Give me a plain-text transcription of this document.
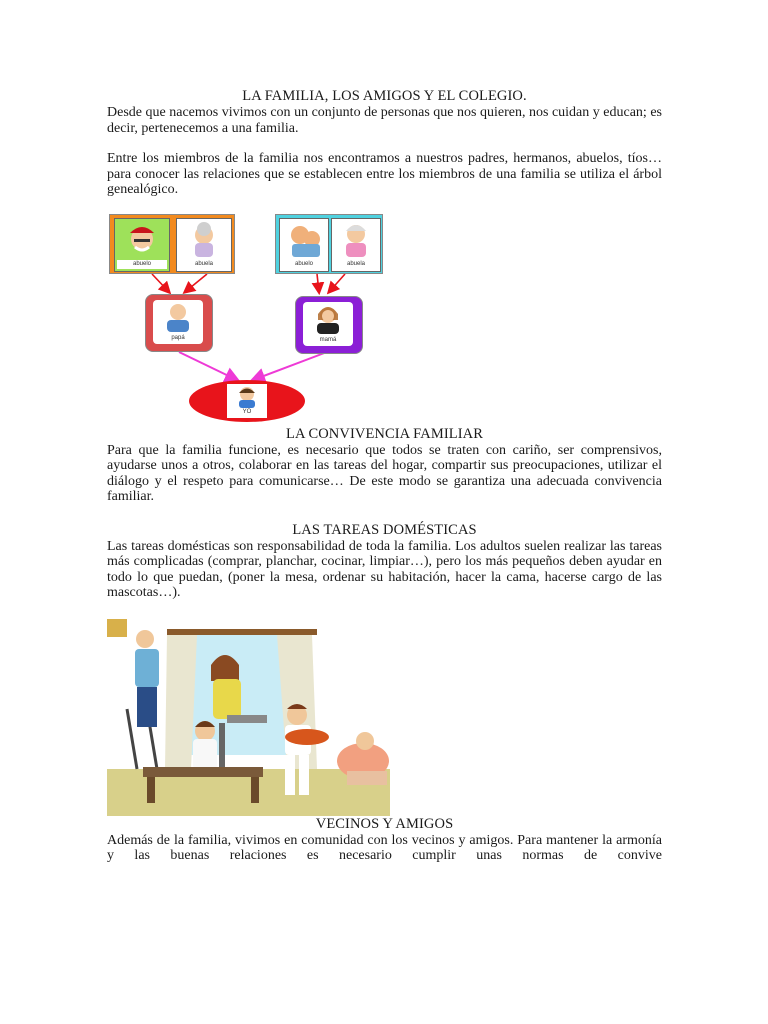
LA FAMILIA, LOS AMIGOS Y EL COLEGIO.

Desde que nacemos vivimos con un conjunto de personas que nos quieren, nos cuidan y educan; es decir, pertenecemos a una familia.

Entre los miembros de la familia nos encontramos a nuestros padres, hermanos, abuelos, tíos… para conocer las relaciones que se establecen entre los miembros de una familia se utiliza el árbol genealógico.

abuelo	abuela	abuelo	abuela
papá	mamá
YO
LA CONVIVENCIA FAMILIAR

Para que la familia funcione, es necesario que todos se traten con cariño, ser comprensivos, ayudarse unos a otros, colaborar en las tareas del hogar, compartir sus preocupaciones, utilizar el diálogo y el respeto para comunicarse… De este modo se garantiza una adecuada convivencia familiar.

LAS TAREAS DOMÉSTICAS

Las tareas domésticas son responsabilidad de toda la familia. Los adultos suelen realizar las tareas más complicadas (comprar, planchar, cocinar, limpiar…), pero los más pequeños deben ayudar en todo lo que puedan, (poner la mesa, ordenar su habitación, hacer la cama, hacerse cargo de las mascotas…).

VECINOS Y AMIGOS

Además de la familia, vivimos en comunidad con los vecinos y amigos. Para mantener la armonía y las buenas relaciones es necesario cumplir unas normas de convive
